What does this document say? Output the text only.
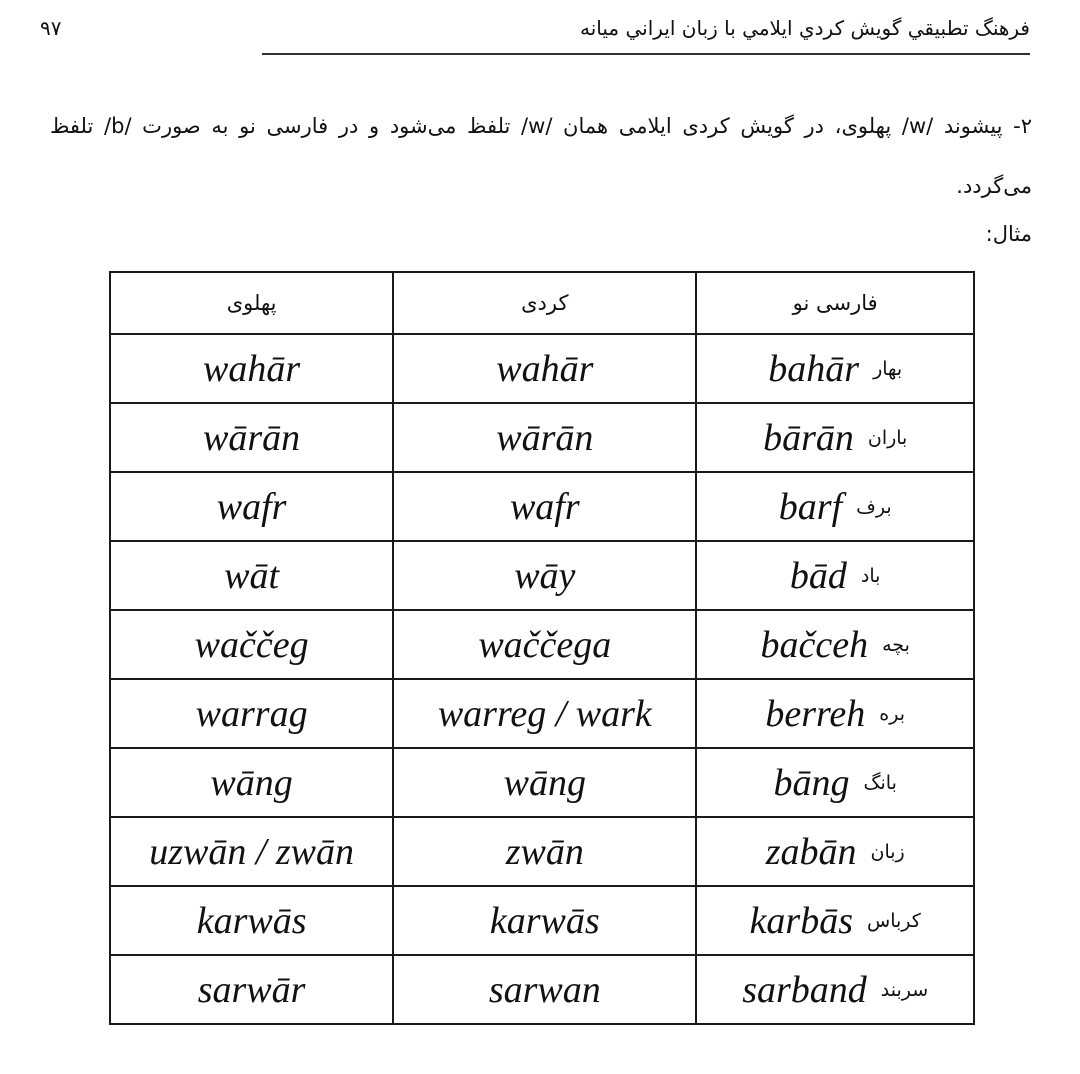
فرهنگ تطبيقي گويش كردي ايلامي با زبان ايراني ميانه
۹۷
۲- پیشوند /w/ پهلوی، در گویش کردی ایلامی همان /w/ تلفظ می‌شود و در فارسی نو به صورت /b/ تلفظ می‌گردد.
مثال:
پهلوی	کردی	فارسی نو
wahār	wahār	bahār بهار

wārān	wārān	bārān باران

wafr	wafr	barf برف

wāt	wāy	bād باد

waččeg	waččega	bačceh بچه

warrag	warreg / wark	berreh بره

wāng	wāng	bāng بانگ

uzwān / zwān	zwān	zabān زبان

karwās	karwās	karbās کرباس

sarwār	sarwan	sarband سربند
